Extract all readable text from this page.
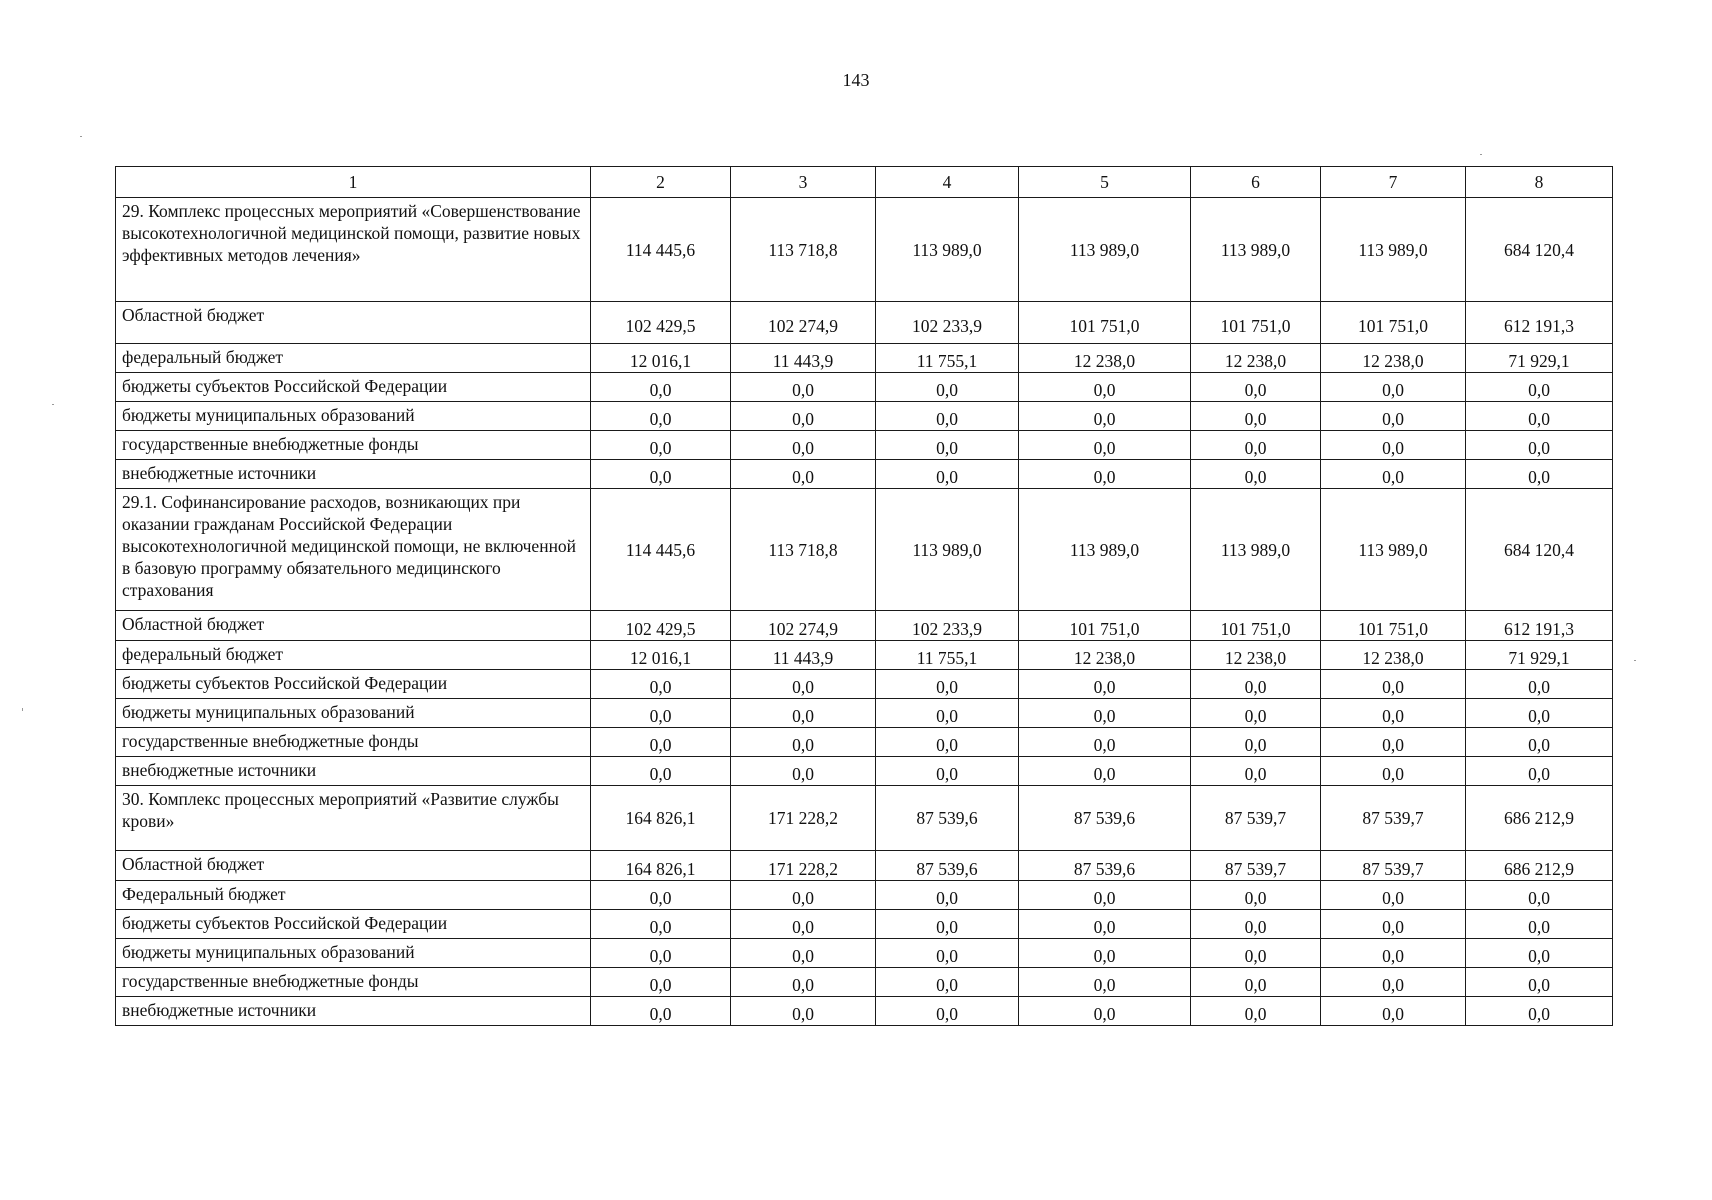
143
1	2	3	4	5	6	7	8
29. Комплекс процессных мероприятий «Совершенствование высокотехнологичной медицинской помощи, развитие новых эффективных методов лечения»	114 445,6	113 718,8	113 989,0	113 989,0	113 989,0	113 989,0	684 120,4
Областной бюджет	102 429,5	102 274,9	102 233,9	101 751,0	101 751,0	101 751,0	612 191,3
федеральный бюджет	12 016,1	11 443,9	11 755,1	12 238,0	12 238,0	12 238,0	71 929,1
бюджеты субъектов Российской Федерации	0,0	0,0	0,0	0,0	0,0	0,0	0,0
бюджеты муниципальных образований	0,0	0,0	0,0	0,0	0,0	0,0	0,0
государственные внебюджетные фонды	0,0	0,0	0,0	0,0	0,0	0,0	0,0
внебюджетные источники	0,0	0,0	0,0	0,0	0,0	0,0	0,0
29.1. Софинансирование расходов, возникающих при оказании гражданам Российской Федерации высокотехнологичной медицинской помощи, не включенной в базовую программу обязательного медицинского страхования	114 445,6	113 718,8	113 989,0	113 989,0	113 989,0	113 989,0	684 120,4
Областной бюджет	102 429,5	102 274,9	102 233,9	101 751,0	101 751,0	101 751,0	612 191,3
федеральный бюджет	12 016,1	11 443,9	11 755,1	12 238,0	12 238,0	12 238,0	71 929,1
бюджеты субъектов Российской Федерации	0,0	0,0	0,0	0,0	0,0	0,0	0,0
бюджеты муниципальных образований	0,0	0,0	0,0	0,0	0,0	0,0	0,0
государственные внебюджетные фонды	0,0	0,0	0,0	0,0	0,0	0,0	0,0
внебюджетные источники	0,0	0,0	0,0	0,0	0,0	0,0	0,0
30. Комплекс процессных мероприятий «Развитие службы крови»	164 826,1	171 228,2	87 539,6	87 539,6	87 539,7	87 539,7	686 212,9
Областной бюджет	164 826,1	171 228,2	87 539,6	87 539,6	87 539,7	87 539,7	686 212,9
Федеральный бюджет	0,0	0,0	0,0	0,0	0,0	0,0	0,0
бюджеты субъектов Российской Федерации	0,0	0,0	0,0	0,0	0,0	0,0	0,0
бюджеты муниципальных образований	0,0	0,0	0,0	0,0	0,0	0,0	0,0
государственные внебюджетные фонды	0,0	0,0	0,0	0,0	0,0	0,0	0,0
внебюджетные источники	0,0	0,0	0,0	0,0	0,0	0,0	0,0
